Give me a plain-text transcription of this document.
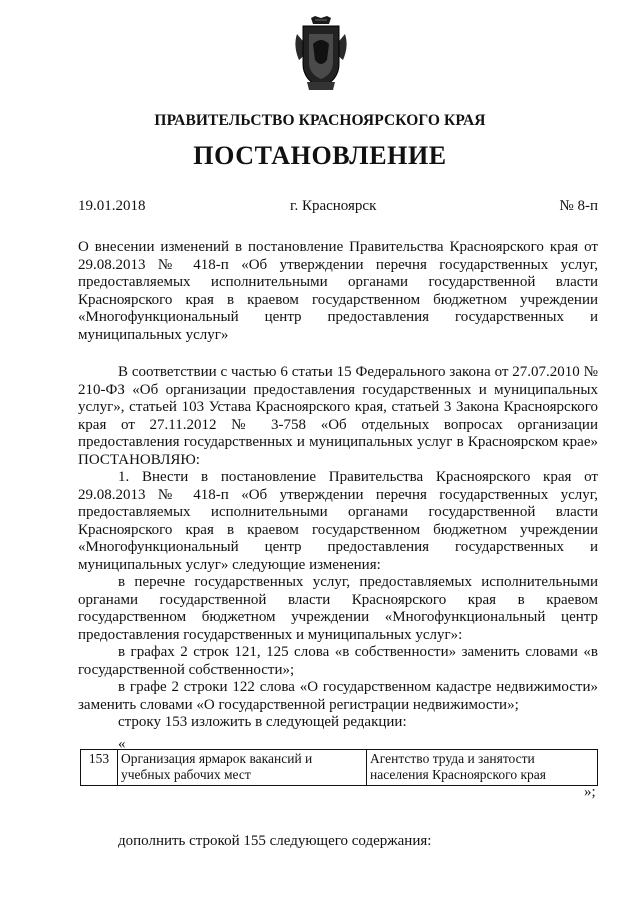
ПРАВИТЕЛЬСТВО КРАСНОЯРСКОГО КРАЯ
ПОСТАНОВЛЕНИЕ
19.01.2018	г. Красноярск	№ 8-п

О внесении изменений в постановление Правительства Красноярского края от 29.08.2013 № 418-п «Об утверждении перечня государственных услуг, предоставляемых исполнительными органами государственной власти Красноярского края в краевом государственном бюджетном учреждении «Многофункциональный центр предоставления государственных и муниципальных услуг»

В соответствии с частью 6 статьи 15 Федерального закона от 27.07.2010 № 210-ФЗ «Об организации предоставления государственных и муниципальных услуг», статьей 103 Устава Красноярского края, статьей 3 Закона Красноярского края от 27.11.2012 № 3-758 «Об отдельных вопросах организации предоставления государственных и муниципальных услуг в Красноярском крае» ПОСТАНОВЛЯЮ:

1. Внести в постановление Правительства Красноярского края от 29.08.2013 № 418-п «Об утверждении перечня государственных услуг, предоставляемых исполнительными органами государственной власти Красноярского края в краевом государственном бюджетном учреждении «Многофункциональный центр предоставления государственных и муниципальных услуг» следующие изменения:

в перечне государственных услуг, предоставляемых исполнительными органами государственной власти Красноярского края в краевом государственном бюджетном учреждении «Многофункциональный центр предоставления государственных и муниципальных услуг»:

в графах 2 строк 121, 125 слова «в собственности» заменить словами «в государственной собственности»;

в графе 2 строки 122 слова «О государственном кадастре недвижимости» заменить словами «О государственной регистрации недвижимости»;

строку 153 изложить в следующей редакции:

«
153	Организация ярмарок вакансий и учебных рабочих мест	Агентство труда и занятости населения Красноярского края
»;
дополнить строкой 155 следующего содержания:
